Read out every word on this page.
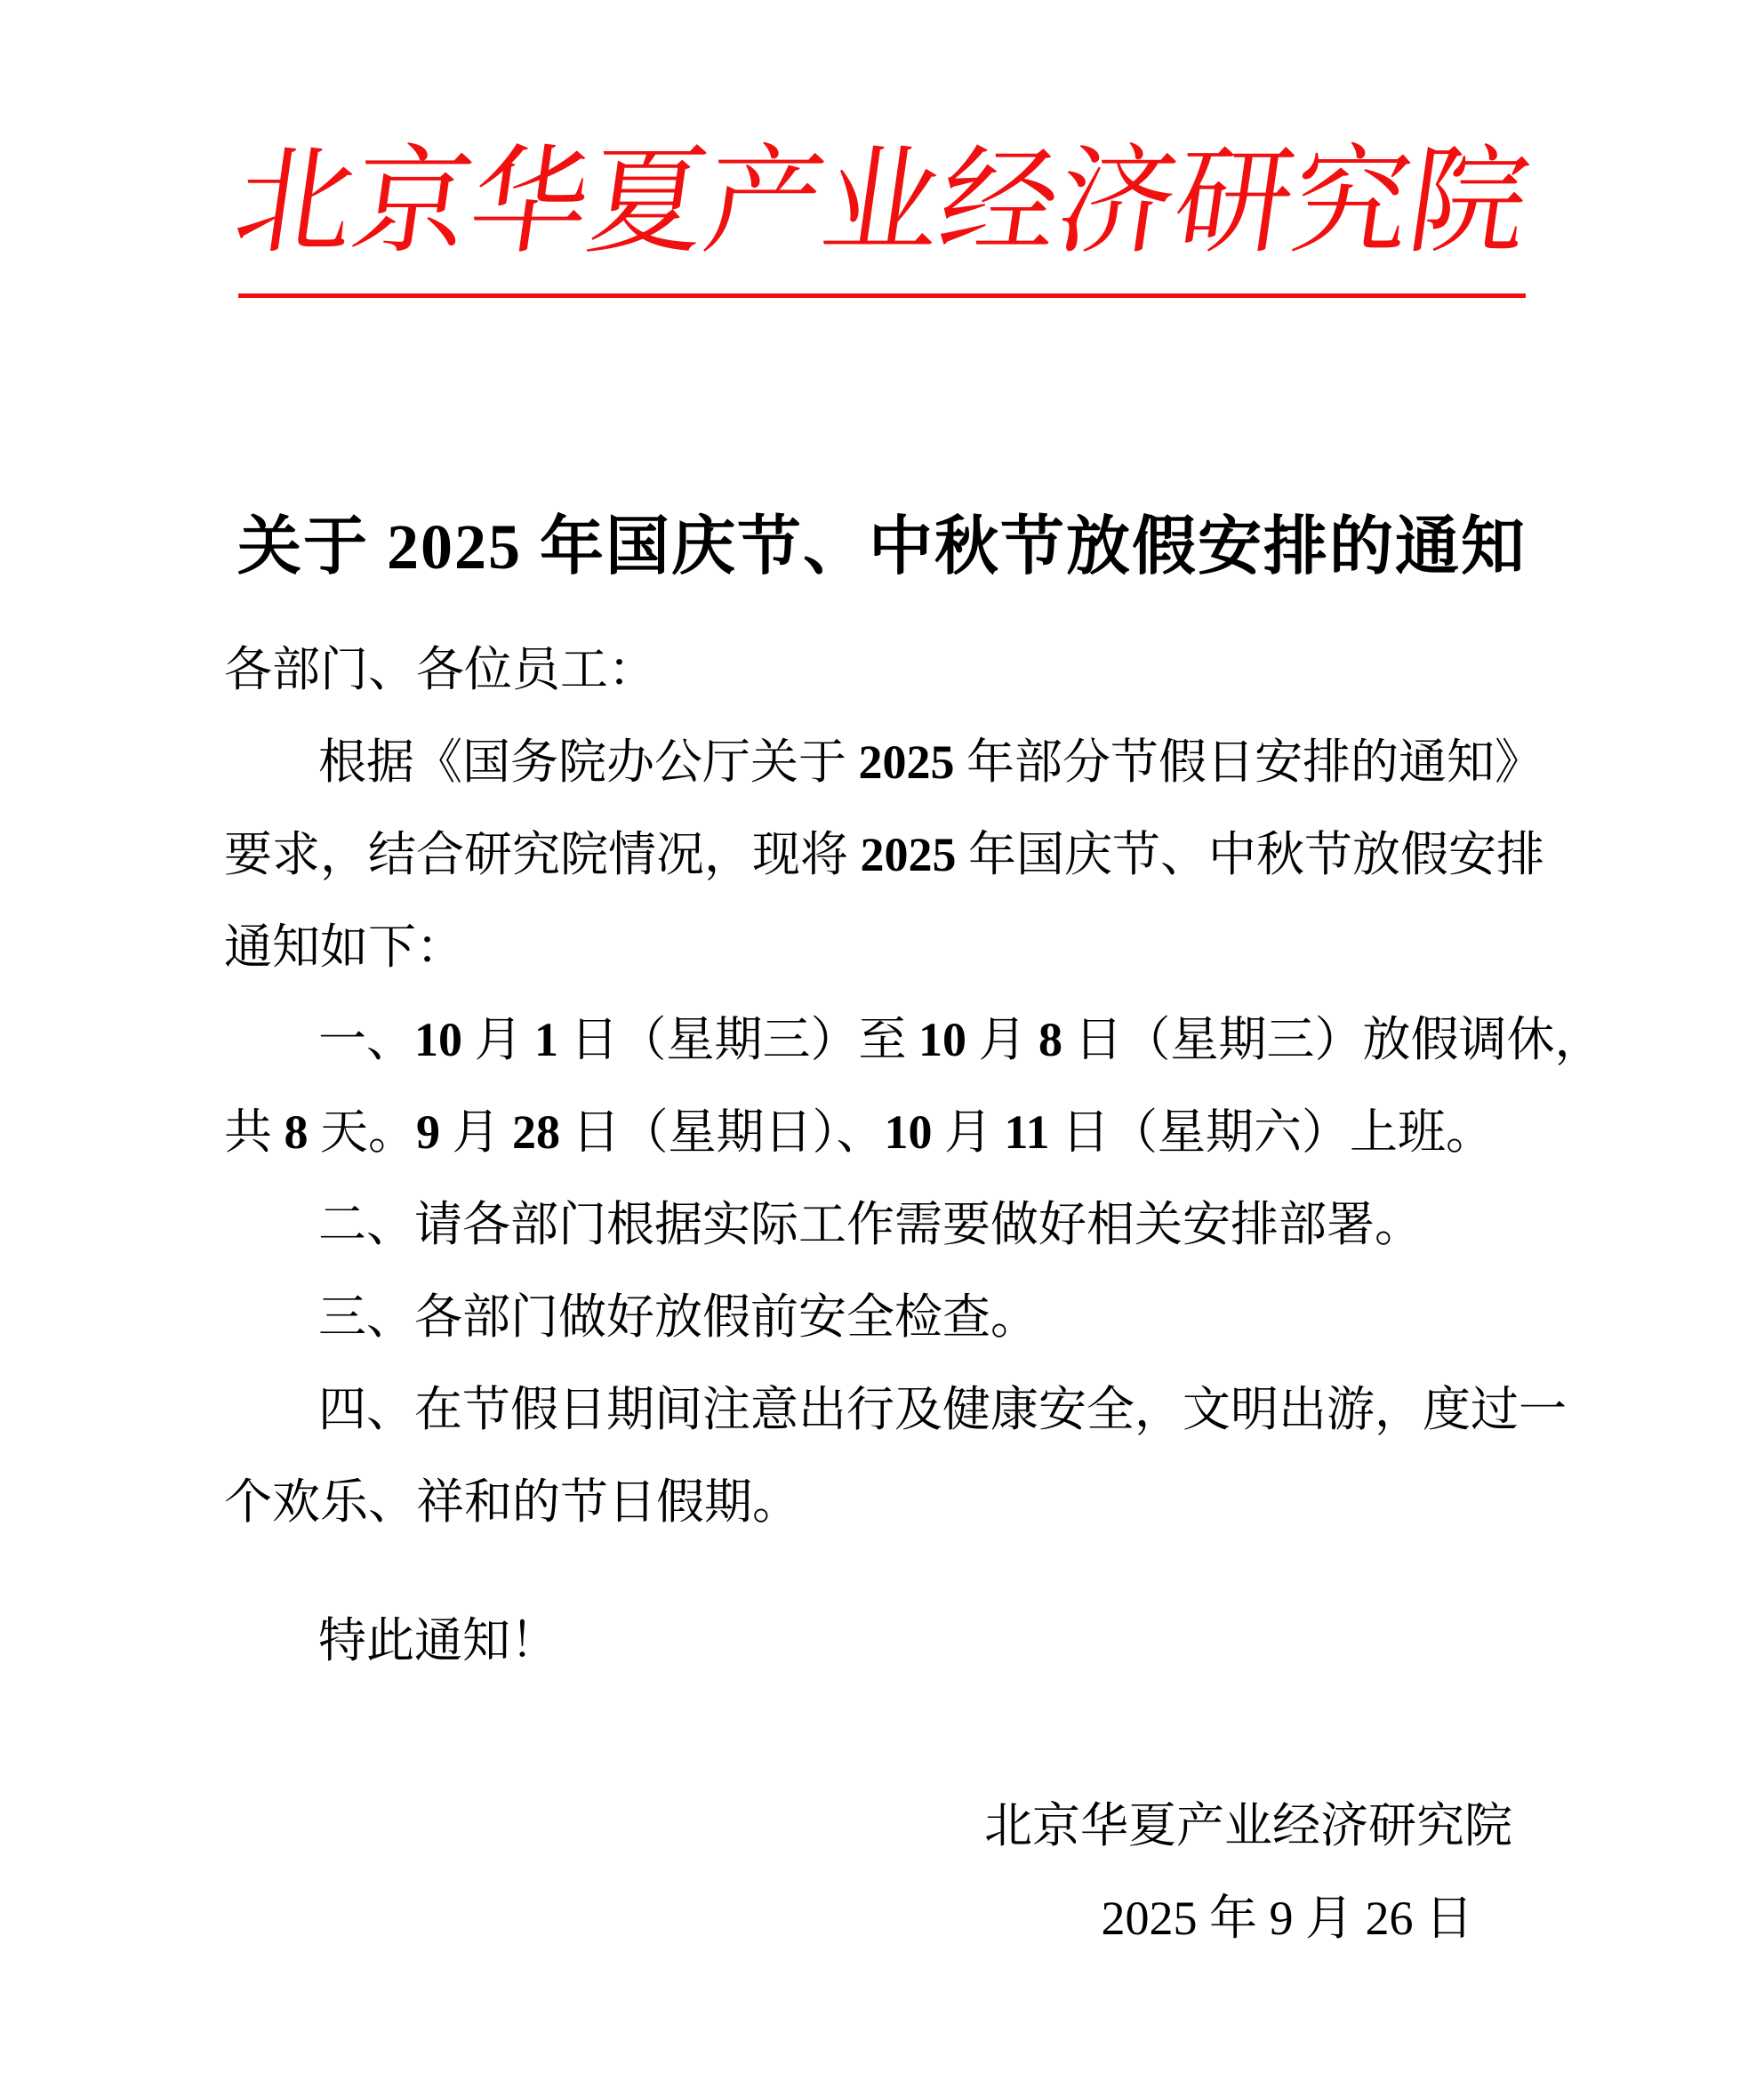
北京华夏产业经济研究院
关于 2025 年国庆节、中秋节放假安排的通知

各部门、各位员工：

根据《国务院办公厅关于 2025 年部分节假日安排的通知》

要求，结合研究院情况，现将 2025 年国庆节、中秋节放假安排

通知如下：

一、10 月 1 日（星期三）至 10 月 8 日（星期三）放假调休，

共 8 天。9 月 28 日（星期日）、10 月 11 日（星期六）上班。

二、请各部门根据实际工作需要做好相关安排部署。

三、各部门做好放假前安全检查。

四、在节假日期间注意出行及健康安全，文明出游，度过一

个欢乐、祥和的节日假期。

特此通知！

北京华夏产业经济研究院

2025 年 9 月 26 日
